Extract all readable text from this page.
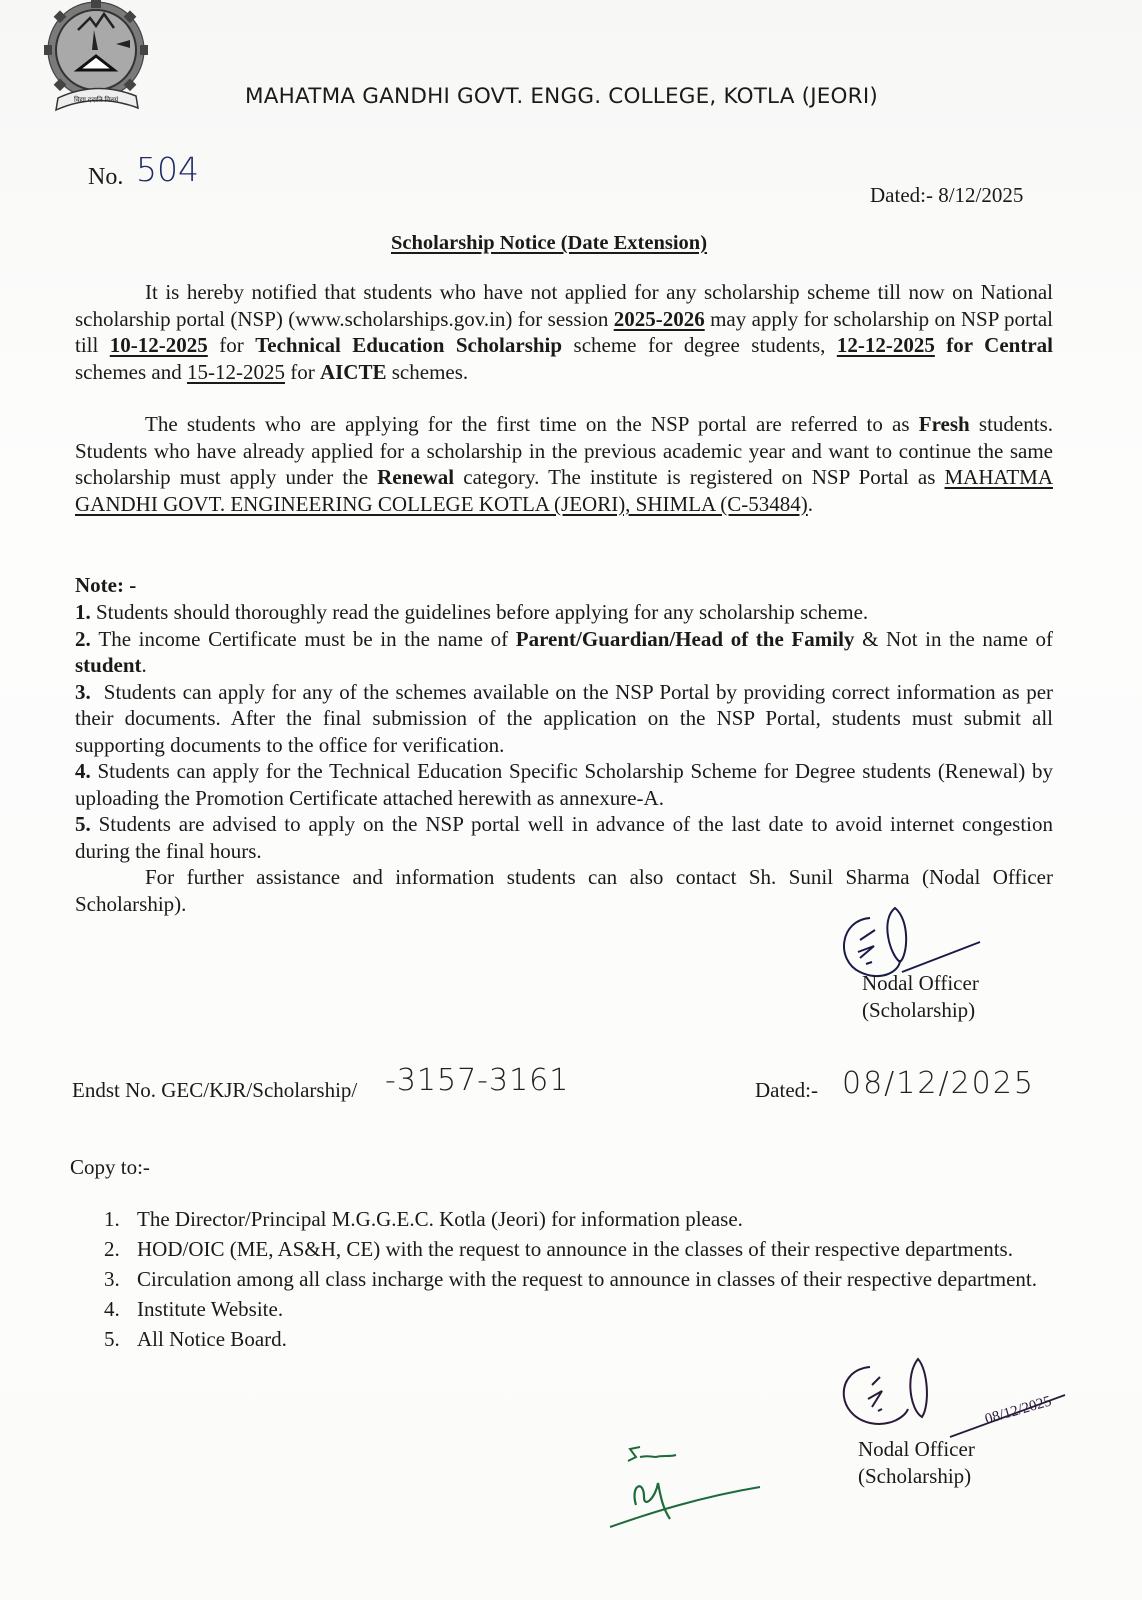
विद्या ददाति विनयं	MAHATMA GANDHI GOVT. ENGG. COLLEGE, KOTLA (JEORI)
No. 504
Dated:- 8/12/2025
Scholarship Notice (Date Extension)
It is hereby notified that students who have not applied for any scholarship scheme till now on National scholarship portal (NSP) (www.scholarships.gov.in) for session 2025-2026 may apply for scholarship on NSP portal till 10-12-2025 for Technical Education Scholarship scheme for degree students, 12-12-2025 for Central schemes and 15-12-2025 for AICTE schemes.
The students who are applying for the first time on the NSP portal are referred to as Fresh students. Students who have already applied for a scholarship in the previous academic year and want to continue the same scholarship must apply under the Renewal category. The institute is registered on NSP Portal as MAHATMA GANDHI GOVT. ENGINEERING COLLEGE KOTLA (JEORI), SHIMLA (C-53484).
Note: -

1. Students should thoroughly read the guidelines before applying for any scholarship scheme.

2. The income Certificate must be in the name of Parent/Guardian/Head of the Family & Not in the name of student.

3. Students can apply for any of the schemes available on the NSP Portal by providing correct information as per their documents. After the final submission of the application on the NSP Portal, students must submit all supporting documents to the office for verification.

4. Students can apply for the Technical Education Specific Scholarship Scheme for Degree students (Renewal) by uploading the Promotion Certificate attached herewith as annexure-A.

5. Students are advised to apply on the NSP portal well in advance of the last date to avoid internet congestion during the final hours.

For further assistance and information students can also contact Sh. Sunil Sharma (Nodal Officer Scholarship).
Nodal Officer
(Scholarship)
Endst No. GEC/KJR/Scholarship/ -3157-3161	Dated:- 08/12/2025
Copy to:-
1. The Director/Principal M.G.G.E.C. Kotla (Jeori) for information please.
2. HOD/OIC (ME, AS&H, CE) with the request to announce in the classes of their respective departments.
3. Circulation among all class incharge with the request to announce in classes of their respective department.
4. Institute Website.
5. All Notice Board.
08/12/2025
Nodal Officer
(Scholarship)
